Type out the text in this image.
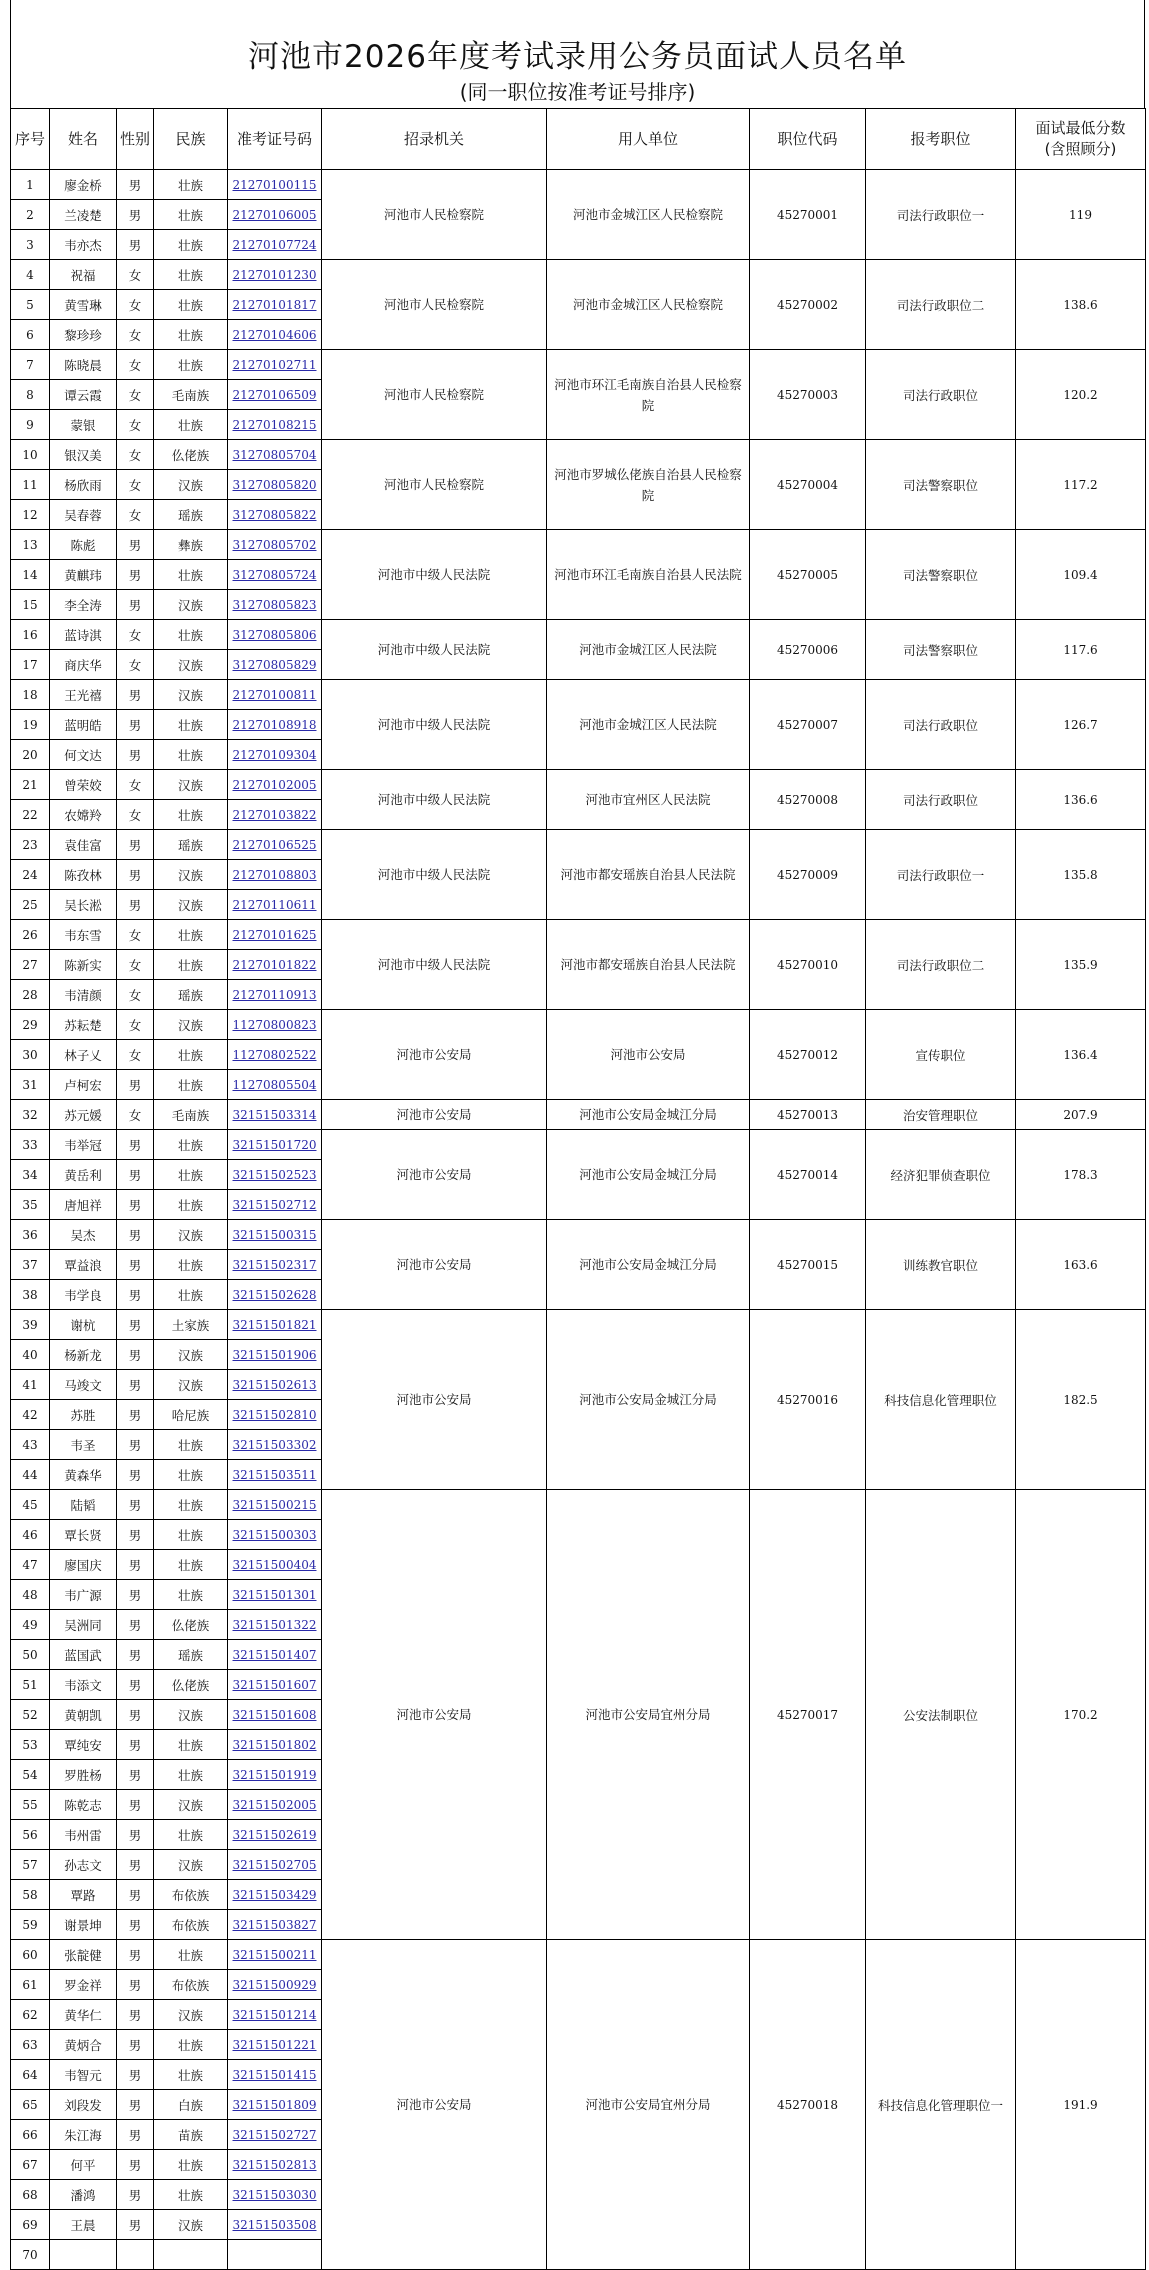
河池市2026年度考试录用公务员面试人员名单
(同一职位按准考证号排序)
序号	姓名	性别	民族	准考证号码	招录机关	用人单位	职位代码	报考职位	面试最低分数
(含照顾分)
1	廖金桥	男	壮族	21270100115	河池市人民检察院	河池市金城江区人民检察院	45270001	司法行政职位一	119
2	兰凌楚	男	壮族	21270106005					
3	韦亦杰	男	壮族	21270107724					
4	祝福	女	壮族	21270101230	河池市人民检察院	河池市金城江区人民检察院	45270002	司法行政职位二	138.6
5	黄雪琳	女	壮族	21270101817					
6	黎珍珍	女	壮族	21270104606					
7	陈晓晨	女	壮族	21270102711	河池市人民检察院	河池市环江毛南族自治县人民检察院	45270003	司法行政职位	120.2
8	谭云霞	女	毛南族	21270106509					
9	蒙银	女	壮族	21270108215					
10	银汉美	女	仫佬族	31270805704	河池市人民检察院	河池市罗城仫佬族自治县人民检察院	45270004	司法警察职位	117.2
11	杨欣雨	女	汉族	31270805820					
12	吴春蓉	女	瑶族	31270805822					
13	陈彪	男	彝族	31270805702	河池市中级人民法院	河池市环江毛南族自治县人民法院	45270005	司法警察职位	109.4
14	黄麒玮	男	壮族	31270805724					
15	李全涛	男	汉族	31270805823					
16	蓝诗淇	女	壮族	31270805806	河池市中级人民法院	河池市金城江区人民法院	45270006	司法警察职位	117.6
17	商庆华	女	汉族	31270805829					
18	王光禧	男	汉族	21270100811	河池市中级人民法院	河池市金城江区人民法院	45270007	司法行政职位	126.7
19	蓝明皓	男	壮族	21270108918					
20	何文达	男	壮族	21270109304					
21	曾荣姣	女	汉族	21270102005	河池市中级人民法院	河池市宜州区人民法院	45270008	司法行政职位	136.6
22	农嫦羚	女	壮族	21270103822					
23	袁佳富	男	瑶族	21270106525	河池市中级人民法院	河池市都安瑶族自治县人民法院	45270009	司法行政职位一	135.8
24	陈孜林	男	汉族	21270108803					
25	吴长淞	男	汉族	21270110611					
26	韦东雪	女	壮族	21270101625	河池市中级人民法院	河池市都安瑶族自治县人民法院	45270010	司法行政职位二	135.9
27	陈新实	女	壮族	21270101822					
28	韦清颜	女	瑶族	21270110913					
29	苏耘楚	女	汉族	11270800823	河池市公安局	河池市公安局	45270012	宣传职位	136.4
30	林子乂	女	壮族	11270802522					
31	卢柯宏	男	壮族	11270805504					
32	苏元媛	女	毛南族	32151503314	河池市公安局	河池市公安局金城江分局	45270013	治安管理职位	207.9
33	韦举冠	男	壮族	32151501720	河池市公安局	河池市公安局金城江分局	45270014	经济犯罪侦查职位	178.3
34	黄岳利	男	壮族	32151502523					
35	唐旭祥	男	壮族	32151502712					
36	吴杰	男	汉族	32151500315	河池市公安局	河池市公安局金城江分局	45270015	训练教官职位	163.6
37	覃益浪	男	壮族	32151502317					
38	韦学良	男	壮族	32151502628					
39	谢杭	男	土家族	32151501821	河池市公安局	河池市公安局金城江分局	45270016	科技信息化管理职位	182.5
40	杨新龙	男	汉族	32151501906					
41	马竣文	男	汉族	32151502613					
42	苏胜	男	哈尼族	32151502810					
43	韦圣	男	壮族	32151503302					
44	黄森华	男	壮族	32151503511					
45	陆韬	男	壮族	32151500215	河池市公安局	河池市公安局宜州分局	45270017	公安法制职位	170.2
46	覃长贤	男	壮族	32151500303					
47	廖国庆	男	壮族	32151500404					
48	韦广源	男	壮族	32151501301					
49	吴洲同	男	仫佬族	32151501322					
50	蓝国武	男	瑶族	32151501407					
51	韦添文	男	仫佬族	32151501607					
52	黄朝凯	男	汉族	32151501608					
53	覃纯安	男	壮族	32151501802					
54	罗胜杨	男	壮族	32151501919					
55	陈乾志	男	汉族	32151502005					
56	韦州雷	男	壮族	32151502619					
57	孙志文	男	汉族	32151502705					
58	覃路	男	布依族	32151503429					
59	谢景坤	男	布依族	32151503827					
60	张靛健	男	壮族	32151500211	河池市公安局	河池市公安局宜州分局	45270018	科技信息化管理职位一	191.9
61	罗金祥	男	布依族	32151500929					
62	黄华仁	男	汉族	32151501214					
63	黄炳合	男	壮族	32151501221					
64	韦智元	男	壮族	32151501415					
65	刘段发	男	白族	32151501809					
66	朱江海	男	苗族	32151502727					
67	何平	男	壮族	32151502813					
68	潘鸿	男	壮族	32151503030					
69	王晨	男	汉族	32151503508					
70									
